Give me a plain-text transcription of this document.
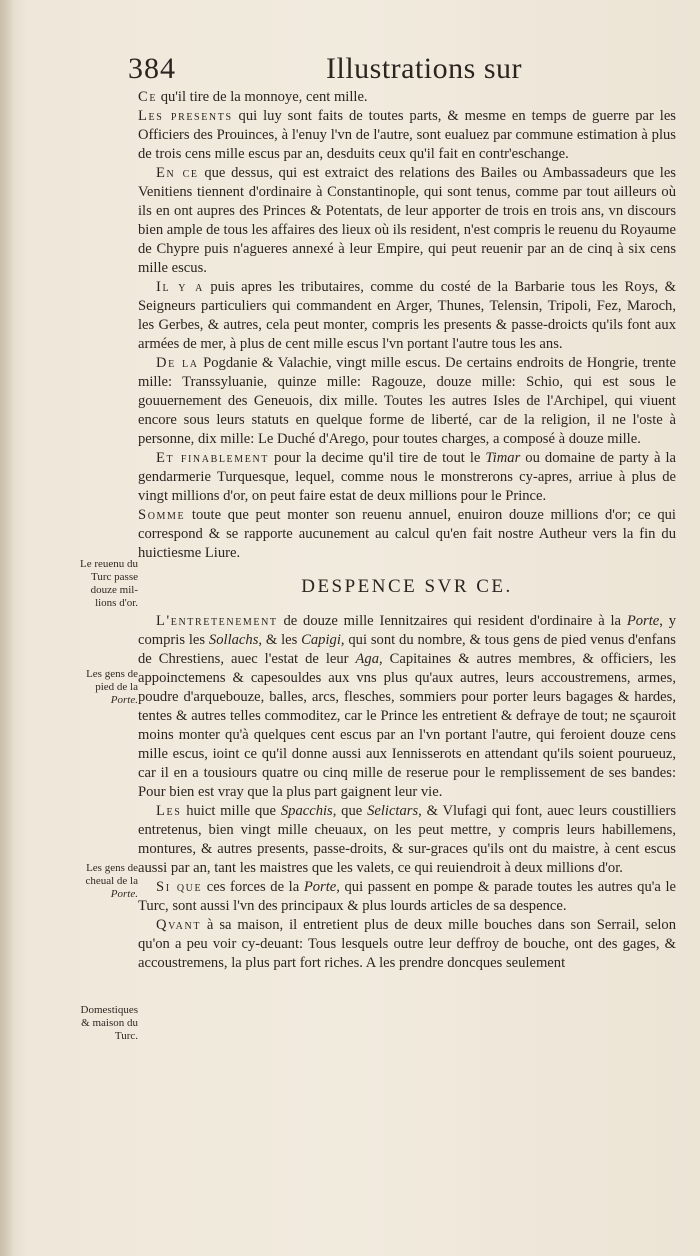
384	Illustrations sur

Ce qu'il tire de la monnoye, cent mille.

Les presents qui luy sont faits de toutes parts, & mesme en temps de guerre par les Officiers des Prouinces, à l'enuy l'vn de l'autre, sont eualuez par commune estimation à plus de trois cens mille escus par an, desduits ceux qu'il fait en contr'eschange.

En ce que dessus, qui est extraict des relations des Bailes ou Ambassadeurs que les Venitiens tiennent d'ordinaire à Constantinople, qui sont tenus, comme par tout ailleurs où ils en ont aupres des Princes & Potentats, de leur apporter de trois en trois ans, vn discours bien ample de tous les affaires des lieux où ils resident, n'est compris le reuenu du Royaume de Chypre puis n'agueres annexé à leur Empire, qui peut reuenir par an de cinq à six cens mille escus.

Il y a puis apres les tributaires, comme du costé de la Barbarie tous les Roys, & Seigneurs particuliers qui commandent en Arger, Thunes, Telensin, Tripoli, Fez, Maroch, les Gerbes, & autres, cela peut monter, compris les presents & passe-droicts qu'ils font aux armées de mer, à plus de cent mille escus l'vn portant l'autre tous les ans.

De la Pogdanie & Valachie, vingt mille escus. De certains endroits de Hongrie, trente mille: Transsyluanie, quinze mille: Ragouze, douze mille: Schio, qui est sous le gouuernement des Geneuois, dix mille. Toutes les autres Isles de l'Archipel, qui viuent encore sous leurs statuts en quelque forme de liberté, car de la religion, il ne l'oste à personne, dix mille: Le Duché d'Arego, pour toutes charges, a composé à douze mille.

Et finablement pour la decime qu'il tire de tout le Timar ou domaine de party à la gendarmerie Turquesque, lequel, comme nous le monstrerons cy-apres, arriue à plus de vingt millions d'or, on peut faire estat de deux millions pour le Prince.

Somme toute que peut monter son reuenu annuel, enuiron douze millions d'or; ce qui correspond & se rapporte aucunement au calcul qu'en fait nostre Autheur vers la fin du huictiesme Liure.

DESPENCE SVR CE.

L'entretenement de douze mille Iennitzaires qui resident d'ordinaire à la Porte, y compris les Sollachs, & les Capigi, qui sont du nombre, & tous gens de pied venus d'enfans de Chrestiens, auec l'estat de leur Aga, Capitaines & autres membres, & officiers, les appoinctemens & capesouldes aux vns plus qu'aux autres, leurs accoustremens, armes, poudre d'arquebouze, balles, arcs, flesches, sommiers pour porter leurs bagages & hardes, tentes & autres telles commoditez, car le Prince les entretient & defraye de tout; ne sçauroit moins monter qu'à quelques cent escus par an l'vn portant l'autre, qui feroient douze cens mille escus, ioint ce qu'il donne aussi aux Iennisserots en attendant qu'ils soient pourueuz, car il en a tousiours quatre ou cinq mille de reserue pour le remplissement de ses bandes: Pour bien est vray que la plus part gaignent leur vie.

Les huict mille que Spacchis, que Selictars, & Vlufagi qui font, auec leurs coustilliers entretenus, bien vingt mille cheuaux, on les peut mettre, y compris leurs habillemens, montures, & autres presents, passe-droits, & sur-graces qu'ils ont du maistre, à cent escus aussi par an, tant les maistres que les valets, ce qui reuiendroit à deux millions d'or.

Si que ces forces de la Porte, qui passent en pompe & parade toutes les autres qu'a le Turc, sont aussi l'vn des principaux & plus lourds articles de sa despence.

Qvant à sa maison, il entretient plus de deux mille bouches dans son Serrail, selon qu'on a peu voir cy-deuant: Tous lesquels outre leur deffroy de bouche, ont des gages, & accoustremens, la plus part fort riches. A les prendre doncques seulement

Le reuenu du
Turc passe
douze mil-
lions d'or.
Les gens de
pied de la
Porte.
Les gens de
cheual de la
Porte.
Domestiques
& maison du
Turc.
